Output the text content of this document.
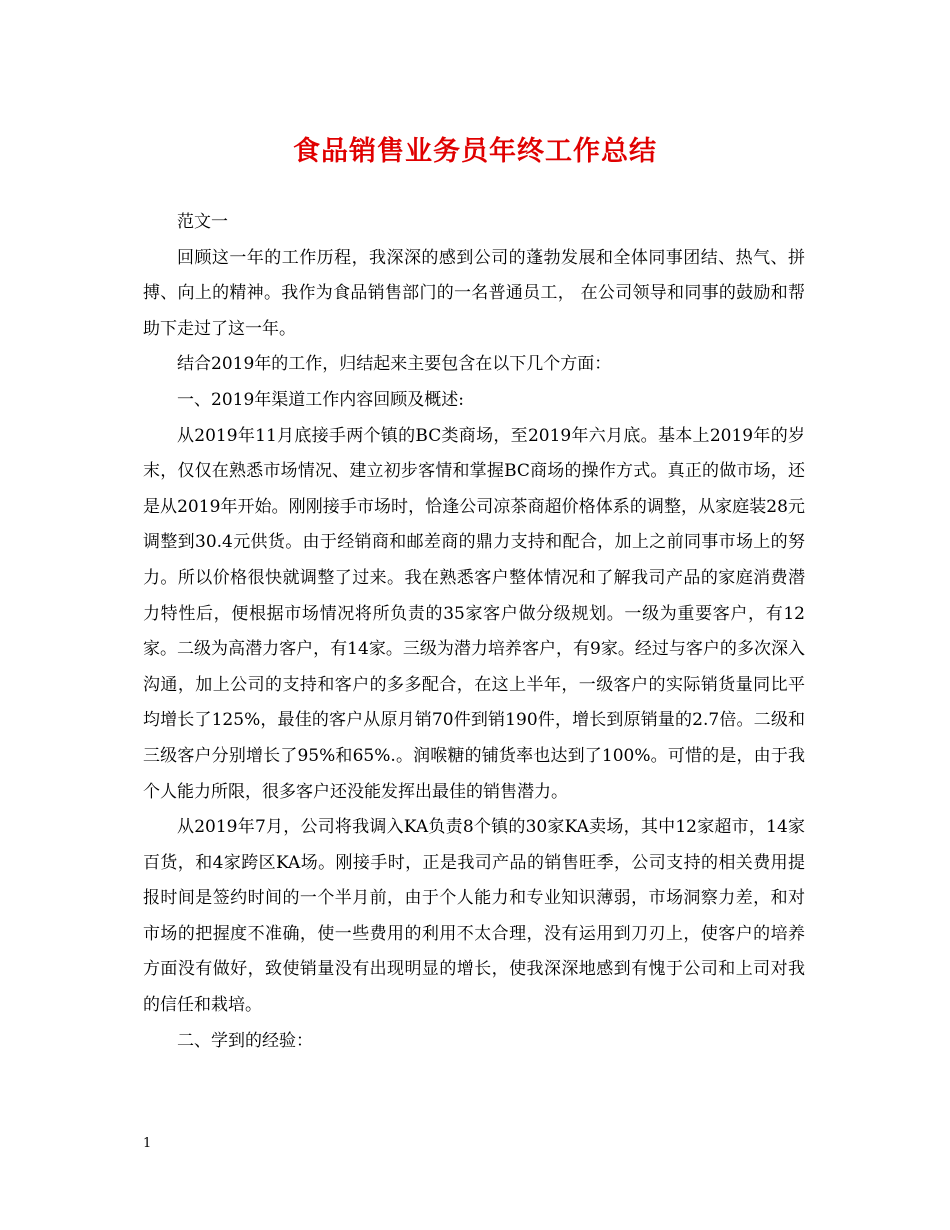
食品销售业务员年终工作总结

范文一

回顾这一年的工作历程，我深深的感到公司的蓬勃发展和全体同事团结、热气、拼搏、向上的精神。我作为食品销售部门的一名普通员工， 在公司领导和同事的鼓励和帮助下走过了这一年。

结合2019年的工作，归结起来主要包含在以下几个方面：

一、2019年渠道工作内容回顾及概述:

从2019年11月底接手两个镇的BC类商场，至2019年六月底。基本上2019年的岁末，仅仅在熟悉市场情况、建立初步客情和掌握BC商场的操作方式。真正的做市场，还是从2019年开始。刚刚接手市场时，恰逢公司凉茶商超价格体系的调整，从家庭装28元调整到30.4元供货。由于经销商和邮差商的鼎力支持和配合，加上之前同事市场上的努力。所以价格很快就调整了过来。我在熟悉客户整体情况和了解我司产品的家庭消费潜力特性后，便根据市场情况将所负责的35家客户做分级规划。一级为重要客户，有12家。二级为高潜力客户，有14家。三级为潜力培养客户，有9家。经过与客户的多次深入沟通，加上公司的支持和客户的多多配合，在这上半年，一级客户的实际销货量同比平均增长了125%，最佳的客户从原月销70件到销190件，增长到原销量的2.7倍。二级和三级客户分别增长了95%和65%.。润喉糖的铺货率也达到了100%。可惜的是，由于我个人能力所限，很多客户还没能发挥出最佳的销售潜力。

从2019年7月，公司将我调入KA负责8个镇的30家KA卖场，其中12家超市，14家百货，和4家跨区KA场。刚接手时，正是我司产品的销售旺季，公司支持的相关费用提报时间是签约时间的一个半月前，由于个人能力和专业知识薄弱，市场洞察力差，和对市场的把握度不准确，使一些费用的利用不太合理，没有运用到刀刃上，使客户的培养方面没有做好，致使销量没有出现明显的增长，使我深深地感到有愧于公司和上司对我的信任和栽培。

二、学到的经验：

1
